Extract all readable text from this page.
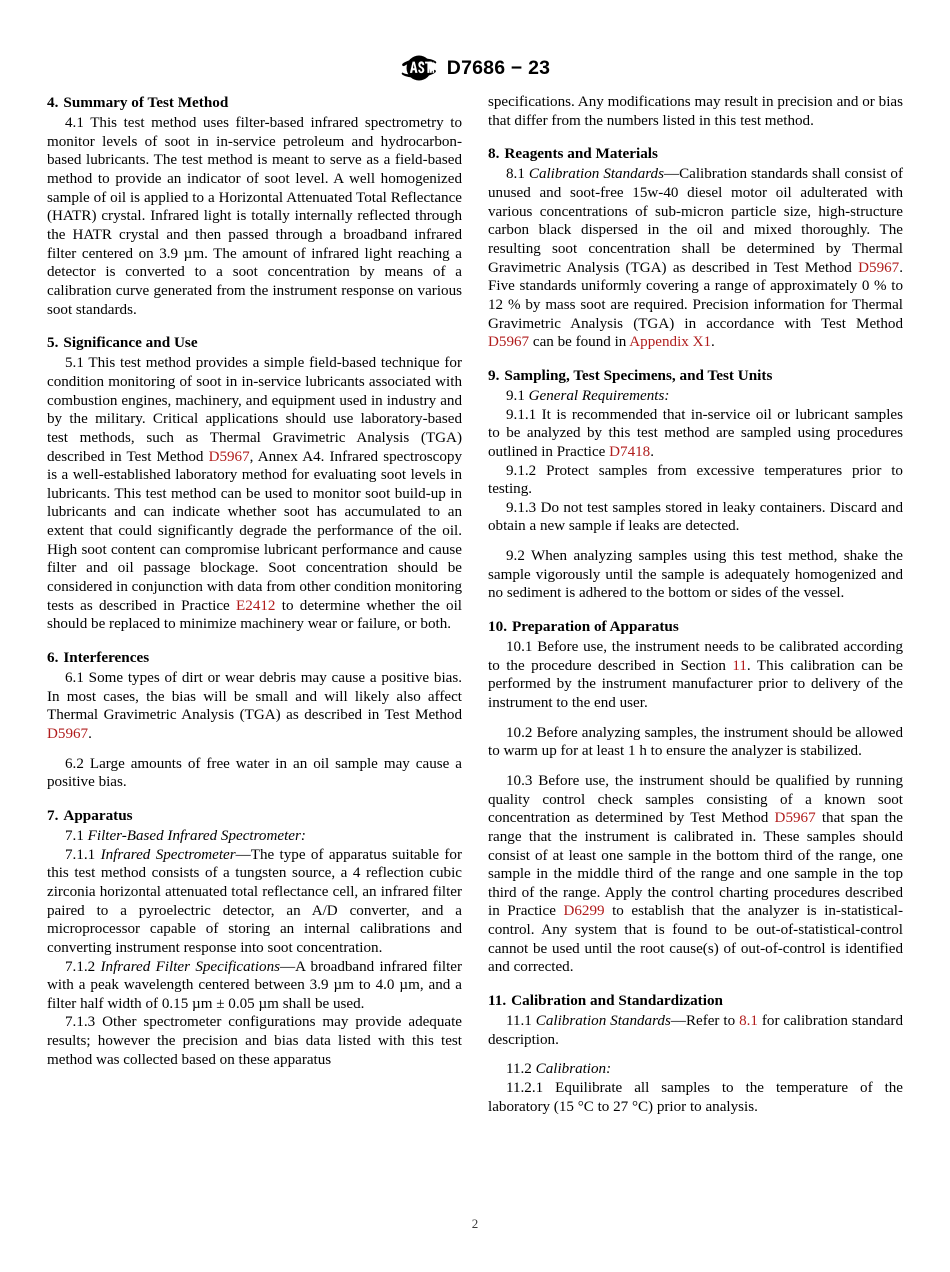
D7686 − 23
4. Summary of Test Method

4.1 This test method uses filter-based infrared spectrometry to monitor levels of soot in in-service petroleum and hydrocarbon-based lubricants. The test method is meant to serve as a field-based method to provide an indicator of soot level. A well homogenized sample of oil is applied to a Horizontal Attenuated Total Reflectance (HATR) crystal. Infrared light is totally internally reflected through the HATR crystal and then passed through a broadband infrared filter centered on 3.9 µm. The amount of infrared light reaching a detector is converted to a soot concentration by means of a calibration curve generated from the instrument response on various soot standards.

5. Significance and Use

5.1 This test method provides a simple field-based technique for condition monitoring of soot in in-service lubricants associated with combustion engines, machinery, and equipment used in industry and by the military. Critical applications should use laboratory-based test methods, such as Thermal Gravimetric Analysis (TGA) described in Test Method D5967, Annex A4. Infrared spectroscopy is a well-established laboratory method for evaluating soot levels in lubricants. This test method can be used to monitor soot build-up in lubricants and can indicate whether soot has accumulated to an extent that could significantly degrade the performance of the oil. High soot content can compromise lubricant performance and cause filter and oil passage blockage. Soot concentration should be considered in conjunction with data from other condition monitoring tests as described in Practice E2412 to determine whether the oil should be replaced to minimize machinery wear or failure, or both.

6. Interferences

6.1 Some types of dirt or wear debris may cause a positive bias. In most cases, the bias will be small and will likely also affect Thermal Gravimetric Analysis (TGA) as described in Test Method D5967.

6.2 Large amounts of free water in an oil sample may cause a positive bias.

7. Apparatus

7.1 Filter-Based Infrared Spectrometer:

7.1.1 Infrared Spectrometer—The type of apparatus suitable for this test method consists of a tungsten source, a 4 reflection cubic zirconia horizontal attenuated total reflectance cell, an infrared filter paired to a pyroelectric detector, an A/D converter, and a microprocessor capable of storing an internal calibrations and converting instrument response into soot concentration.

7.1.2 Infrared Filter Specifications—A broadband infrared filter with a peak wavelength centered between 3.9 µm to 4.0 µm, and a filter half width of 0.15 µm ± 0.05 µm shall be used.

7.1.3 Other spectrometer configurations may provide adequate results; however the precision and bias data listed with this test method was collected based on these apparatus

specifications. Any modifications may result in precision and or bias that differ from the numbers listed in this test method.

8. Reagents and Materials

8.1 Calibration Standards—Calibration standards shall consist of unused and soot-free 15w-40 diesel motor oil adulterated with various concentrations of sub-micron particle size, high-structure carbon black dispersed in the oil and mixed thoroughly. The resulting soot concentration shall be determined by Thermal Gravimetric Analysis (TGA) as described in Test Method D5967. Five standards uniformly covering a range of approximately 0 % to 12 % by mass soot are required. Precision information for Thermal Gravimetric Analysis (TGA) in accordance with Test Method D5967 can be found in Appendix X1.

9. Sampling, Test Specimens, and Test Units

9.1 General Requirements:

9.1.1 It is recommended that in-service oil or lubricant samples to be analyzed by this test method are sampled using procedures outlined in Practice D7418.

9.1.2 Protect samples from excessive temperatures prior to testing.

9.1.3 Do not test samples stored in leaky containers. Discard and obtain a new sample if leaks are detected.

9.2 When analyzing samples using this test method, shake the sample vigorously until the sample is adequately homogenized and no sediment is adhered to the bottom or sides of the vessel.

10. Preparation of Apparatus

10.1 Before use, the instrument needs to be calibrated according to the procedure described in Section 11. This calibration can be performed by the instrument manufacturer prior to delivery of the instrument to the end user.

10.2 Before analyzing samples, the instrument should be allowed to warm up for at least 1 h to ensure the analyzer is stabilized.

10.3 Before use, the instrument should be qualified by running quality control check samples consisting of a known soot concentration as determined by Test Method D5967 that span the range that the instrument is calibrated in. These samples should consist of at least one sample in the bottom third of the range, one sample in the middle third of the range and one sample in the top third of the range. Apply the control charting procedures described in Practice D6299 to establish that the analyzer is in-statistical-control. Any system that is found to be out-of-statistical-control cannot be used until the root cause(s) of out-of-control is identified and corrected.

11. Calibration and Standardization

11.1 Calibration Standards—Refer to 8.1 for calibration standard description.

11.2 Calibration:

11.2.1 Equilibrate all samples to the temperature of the laboratory (15 °C to 27 °C) prior to analysis.

2
